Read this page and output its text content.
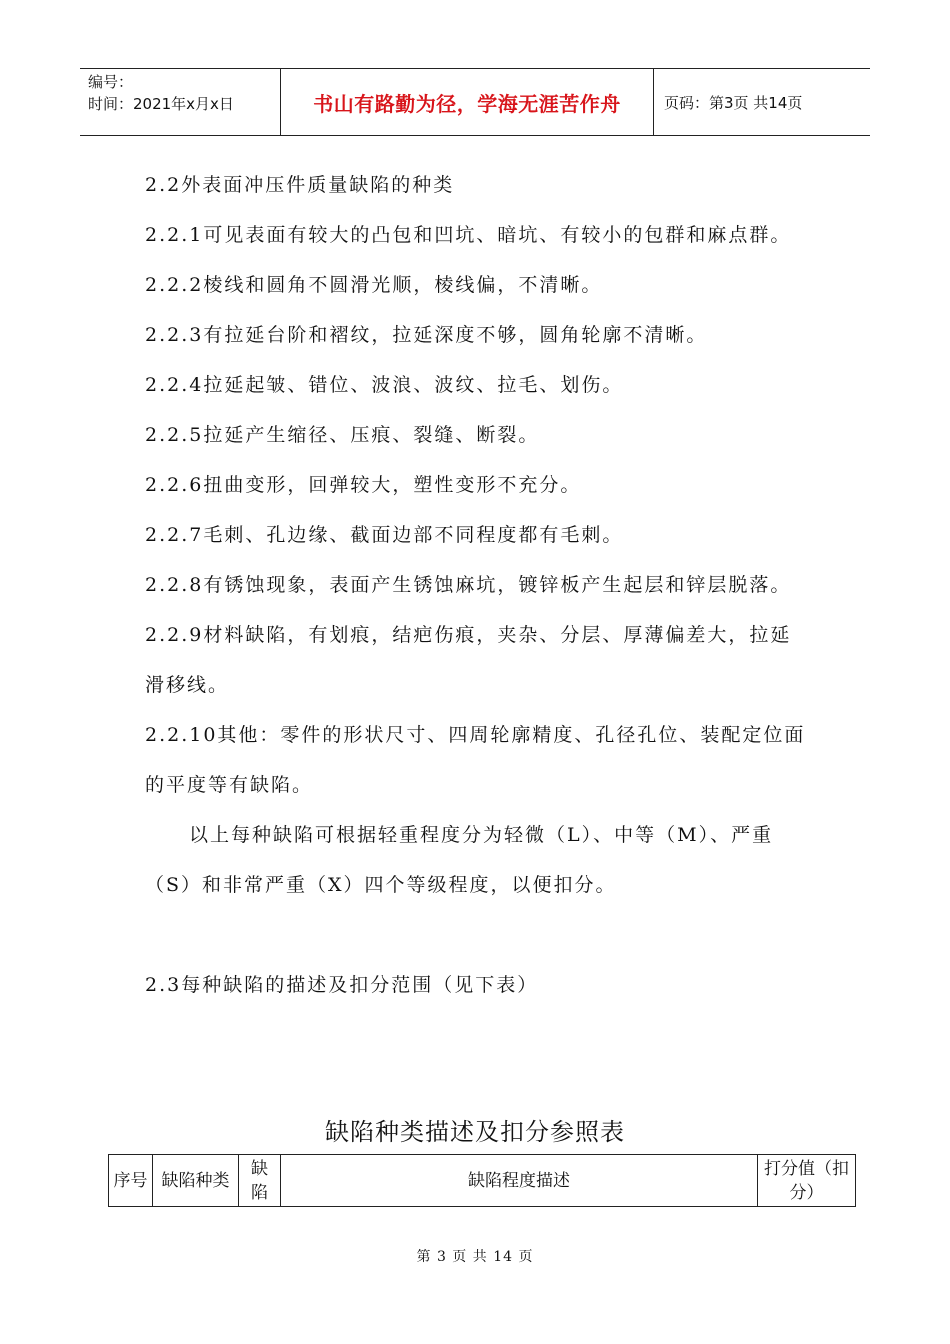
编号：
时间：2021年x月x日	书山有路勤为径，学海无涯苦作舟	页码：第3页 共14页

2.2外表面冲压件质量缺陷的种类

2.2.1可见表面有较大的凸包和凹坑、暗坑、有较小的包群和麻点群。

2.2.2棱线和圆角不圆滑光顺，棱线偏，不清晰。

2.2.3有拉延台阶和褶纹，拉延深度不够，圆角轮廓不清晰。

2.2.4拉延起皱、错位、波浪、波纹、拉毛、划伤。

2.2.5拉延产生缩径、压痕、裂缝、断裂。

2.2.6扭曲变形，回弹较大，塑性变形不充分。

2.2.7毛刺、孔边缘、截面边部不同程度都有毛刺。

2.2.8有锈蚀现象，表面产生锈蚀麻坑，镀锌板产生起层和锌层脱落。

2.2.9材料缺陷，有划痕，结疤伤痕，夹杂、分层、厚薄偏差大，拉延滑移线。

2.2.10其他：零件的形状尺寸、四周轮廓精度、孔径孔位、装配定位面的平度等有缺陷。

以上每种缺陷可根据轻重程度分为轻微（L）、中等（M）、严重（S）和非常严重（X）四个等级程度，以便扣分。

2.3每种缺陷的描述及扣分范围（见下表）

缺陷种类描述及扣分参照表
序号	缺陷种类	缺陷	缺陷程度描述	打分值（扣分）
第 3 页 共 14 页
